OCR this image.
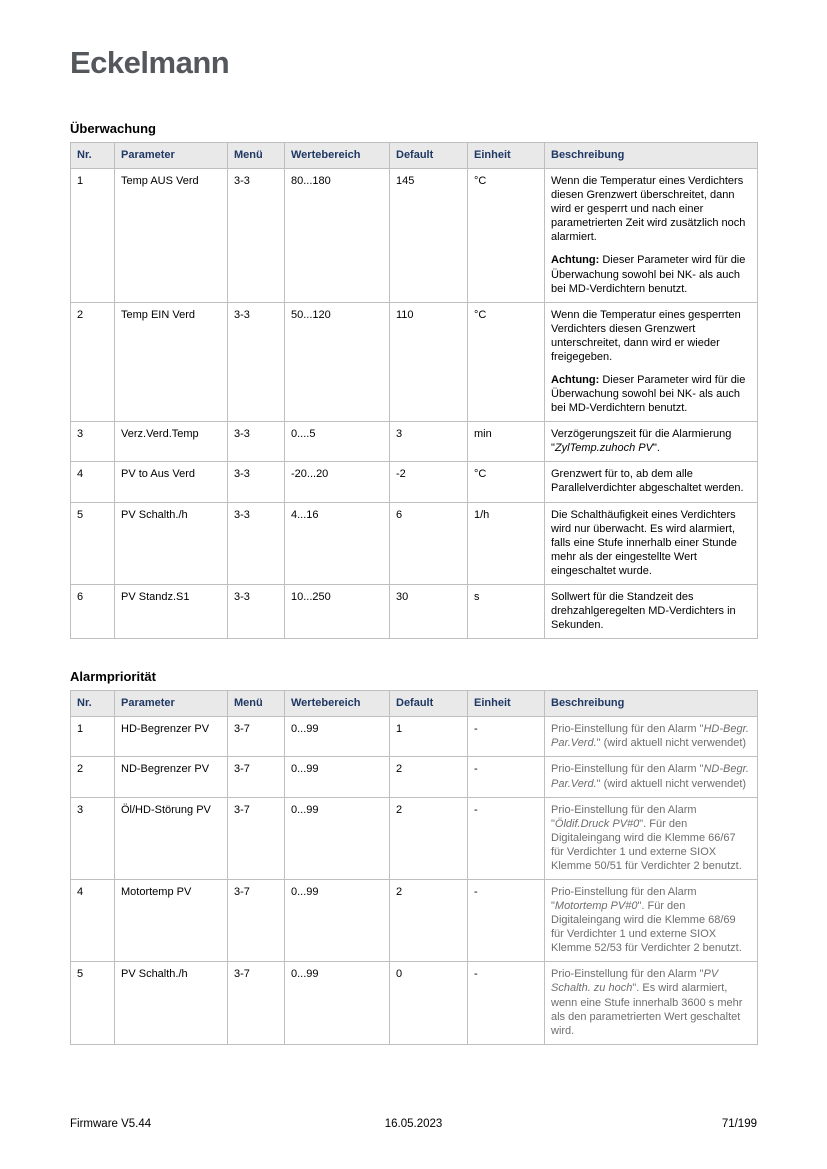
Eckelmann
Überwachung
Nr.	Parameter	Menü	Wertebereich	Default	Einheit	Beschreibung
1	Temp AUS Verd	3-3	80...180	145	°C	Wenn die Temperatur eines Verdichters diesen Grenzwert überschreitet, dann wird er gesperrt und nach einer parametrierten Zeit wird zusätzlich noch alarmiert.

Achtung: Dieser Parameter wird für die Überwachung sowohl bei NK- als auch bei MD-Verdichtern benutzt.

2	Temp EIN Verd	3-3	50...120	110	°C	Wenn die Temperatur eines gesperrten Verdichters diesen Grenzwert unterschreitet, dann wird er wieder freigegeben.

Achtung: Dieser Parameter wird für die Überwachung sowohl bei NK- als auch bei MD-Verdichtern benutzt.

3	Verz.Verd.Temp	3-3	0....5	3	min	Verzögerungszeit für die Alarmierung "ZylTemp.zuhoch PV".

4	PV to Aus Verd	3-3	-20...20	-2	°C	Grenzwert für to, ab dem alle Parallelverdichter abgeschaltet werden.

5	PV Schalth./h	3-3	4...16	6	1/h	Die Schalthäufigkeit eines Verdichters wird nur überwacht. Es wird alarmiert, falls eine Stufe innerhalb einer Stunde mehr als der eingestellte Wert eingeschaltet wurde.

6	PV Standz.S1	3-3	10...250	30	s	Sollwert für die Standzeit des drehzahlgeregelten MD-Verdichters in Sekunden.

Alarmpriorität
Nr.	Parameter	Menü	Wertebereich	Default	Einheit	Beschreibung
1	HD-Begrenzer PV	3-7	0...99	1	-	Prio-Einstellung für den Alarm "HD-Begr. Par.Verd." (wird aktuell nicht verwendet)

2	ND-Begrenzer PV	3-7	0...99	2	-	Prio-Einstellung für den Alarm "ND-Begr. Par.Verd." (wird aktuell nicht verwendet)

3	Öl/HD-Störung PV	3-7	0...99	2	-	Prio-Einstellung für den Alarm "Öldif.Druck PV#0". Für den Digitaleingang wird die Klemme 66/67 für Verdichter 1 und externe SIOX Klemme 50/51 für Verdichter 2 benutzt.

4	Motortemp PV	3-7	0...99	2	-	Prio-Einstellung für den Alarm "Motortemp PV#0". Für den Digitaleingang wird die Klemme 68/69 für Verdichter 1 und externe SIOX Klemme 52/53 für Verdichter 2 benutzt.

5	PV Schalth./h	3-7	0...99	0	-	Prio-Einstellung für den Alarm "PV Schalth. zu hoch". Es wird alarmiert, wenn eine Stufe innerhalb 3600 s mehr als den parametrierten Wert geschaltet wird.

Firmware V5.44	16.05.2023	71/199
